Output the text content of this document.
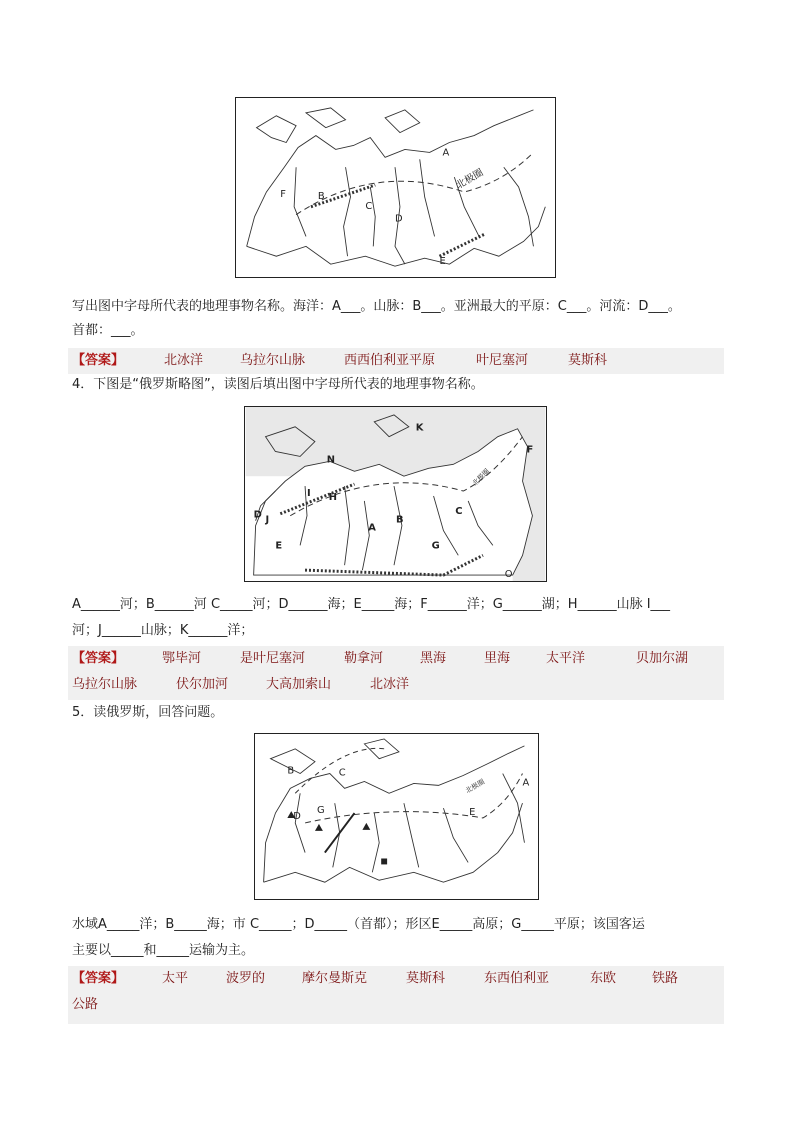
A
B
C
D
E
F
北极圈
写出图中字母所代表的地理事物名称。海洋：A___。山脉：B___。亚洲最大的平原：C___。河流：D___。
首都：___。
【答案】	北冰洋	乌拉尔山脉	西西伯利亚平原	叶尼塞河	莫斯科
4．下图是“俄罗斯略图”，读图后填出图中字母所代表的地理事物名称。
K
F
N
I H
A
B
C
G
D J
E
O
北极圈
A______河；B______河 C_____河；D______海；E_____海；F______洋；G______湖；H______山脉 I___
河；J______山脉；K______洋；
【答案】	鄂毕河	是叶尼塞河	勒拿河	黑海	里海	太平洋	贝加尔湖
乌拉尔山脉	伏尔加河	大高加索山	北冰洋
5．读俄罗斯，回答问题。
B	C
D
G	E
A
北极圈
水域A_____洋；B_____海；市 C_____；D_____（首都）；形区E_____高原；G_____平原；该国客运
主要以_____和_____运输为主。
【答案】	太平	波罗的	摩尔曼斯克	莫斯科	东西伯利亚	东欧	铁路
公路
